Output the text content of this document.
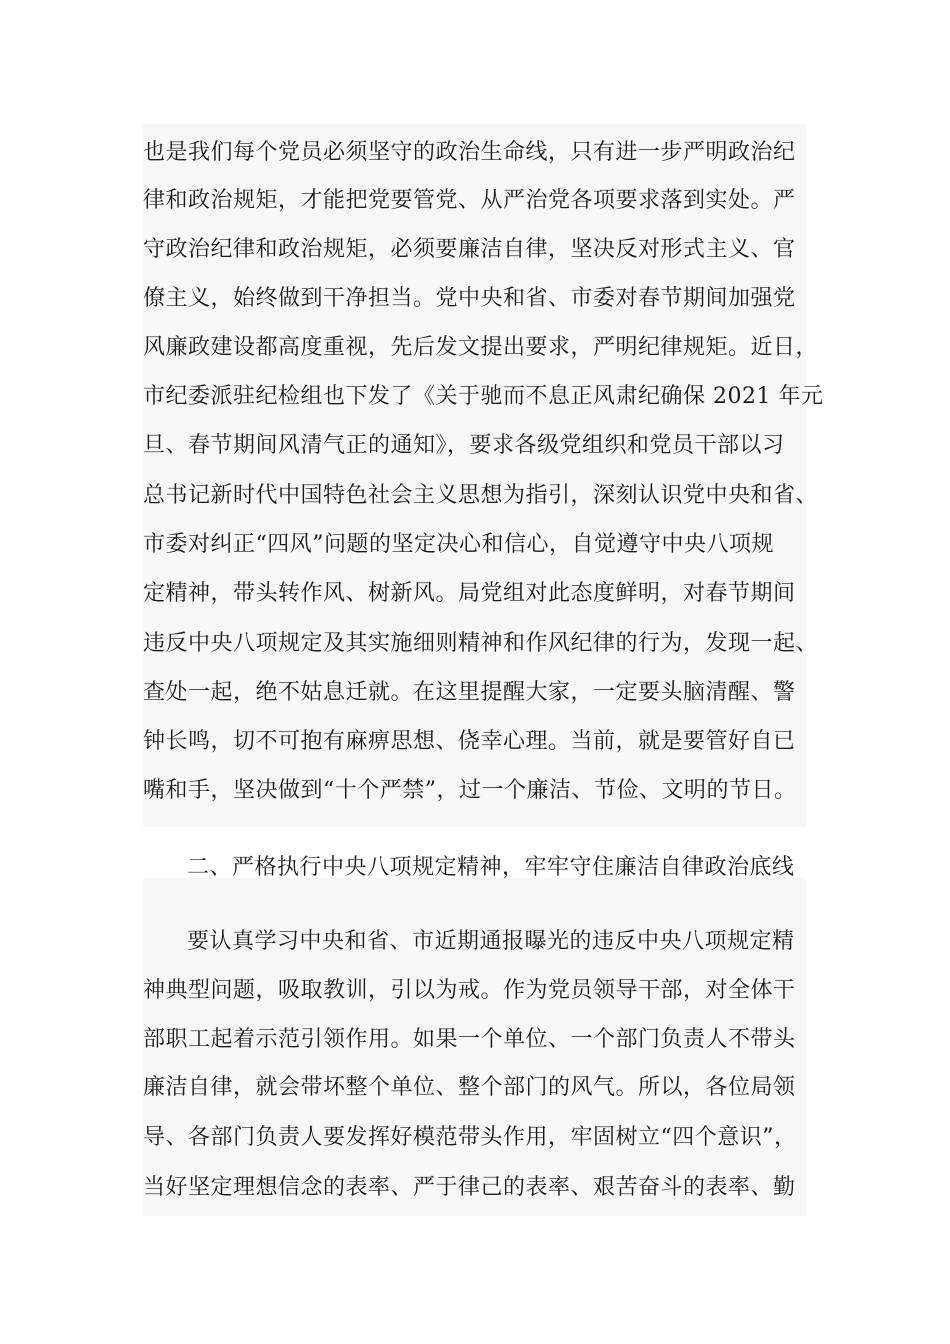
也是我们每个党员必须坚守的政治生命线，只有进一步严明政治纪
律和政治规矩，才能把党要管党、从严治党各项要求落到实处。严
守政治纪律和政治规矩，必须要廉洁自律，坚决反对形式主义、官
僚主义，始终做到干净担当。党中央和省、市委对春节期间加强党
风廉政建设都高度重视，先后发文提出要求，严明纪律规矩。近日，
市纪委派驻纪检组也下发了《关于驰而不息正风肃纪确保 2021 年元
旦、春节期间风清气正的通知》，要求各级党组织和党员干部以习
总书记新时代中国特色社会主义思想为指引，深刻认识党中央和省、
市委对纠正“四风”问题的坚定决心和信心，自觉遵守中央八项规
定精神，带头转作风、树新风。局党组对此态度鲜明，对春节期间
违反中央八项规定及其实施细则精神和作风纪律的行为，发现一起、
查处一起，绝不姑息迁就。在这里提醒大家，一定要头脑清醒、警
钟长鸣，切不可抱有麻痹思想、侥幸心理。当前，就是要管好自已
嘴和手，坚决做到“十个严禁”，过一个廉洁、节俭、文明的节日。
二、严格执行中央八项规定精神，牢牢守住廉洁自律政治底线
要认真学习中央和省、市近期通报曝光的违反中央八项规定精
神典型问题，吸取教训，引以为戒。作为党员领导干部，对全体干
部职工起着示范引领作用。如果一个单位、一个部门负责人不带头
廉洁自律，就会带坏整个单位、整个部门的风气。所以，各位局领
导、各部门负责人要发挥好模范带头作用，牢固树立“四个意识”，
当好坚定理想信念的表率、严于律己的表率、艰苦奋斗的表率、勤
